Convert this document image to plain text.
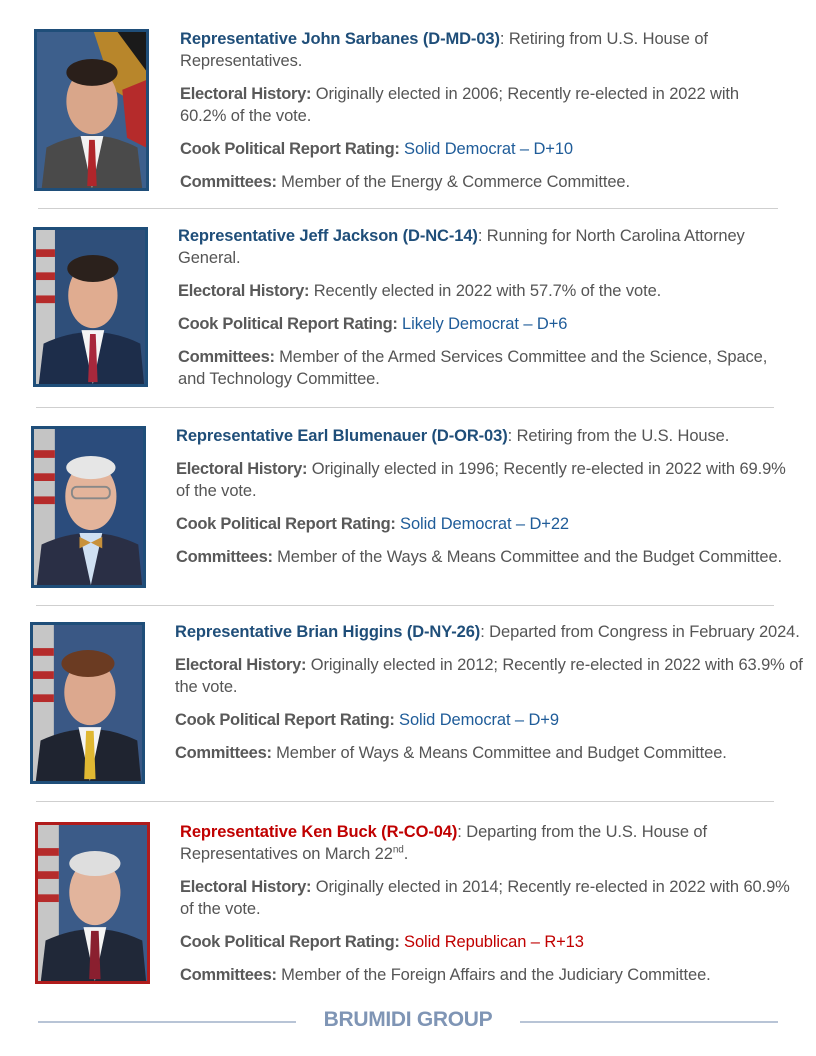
Representative John Sarbanes (D-MD-03): Retiring from U.S. House of Representatives.

Electoral History: Originally elected in 2006; Recently re-elected in 2022 with 60.2% of the vote.

Cook Political Report Rating: Solid Democrat – D+10

Committees: Member of the Energy & Commerce Committee.

Representative Jeff Jackson (D-NC-14): Running for North Carolina Attorney General.

Electoral History: Recently elected in 2022 with 57.7% of the vote.

Cook Political Report Rating: Likely Democrat – D+6

Committees: Member of the Armed Services Committee and the Science, Space, and Technology Committee.

Representative Earl Blumenauer (D-OR-03): Retiring from the U.S. House.

Electoral History: Originally elected in 1996; Recently re-elected in 2022 with 69.9% of the vote.

Cook Political Report Rating: Solid Democrat – D+22

Committees: Member of the Ways & Means Committee and the Budget Committee.

Representative Brian Higgins (D-NY-26): Departed from Congress in February 2024.

Electoral History: Originally elected in 2012; Recently re-elected in 2022 with 63.9% of the vote.

Cook Political Report Rating: Solid Democrat – D+9

Committees: Member of Ways & Means Committee and Budget Committee.

Representative Ken Buck (R-CO-04): Departing from the U.S. House of Representatives on March 22nd.

Electoral History: Originally elected in 2014; Recently re-elected in 2022 with 60.9% of the vote.

Cook Political Report Rating: Solid Republican – R+13

Committees: Member of the Foreign Affairs and the Judiciary Committee.

BRUMIDI GROUP
